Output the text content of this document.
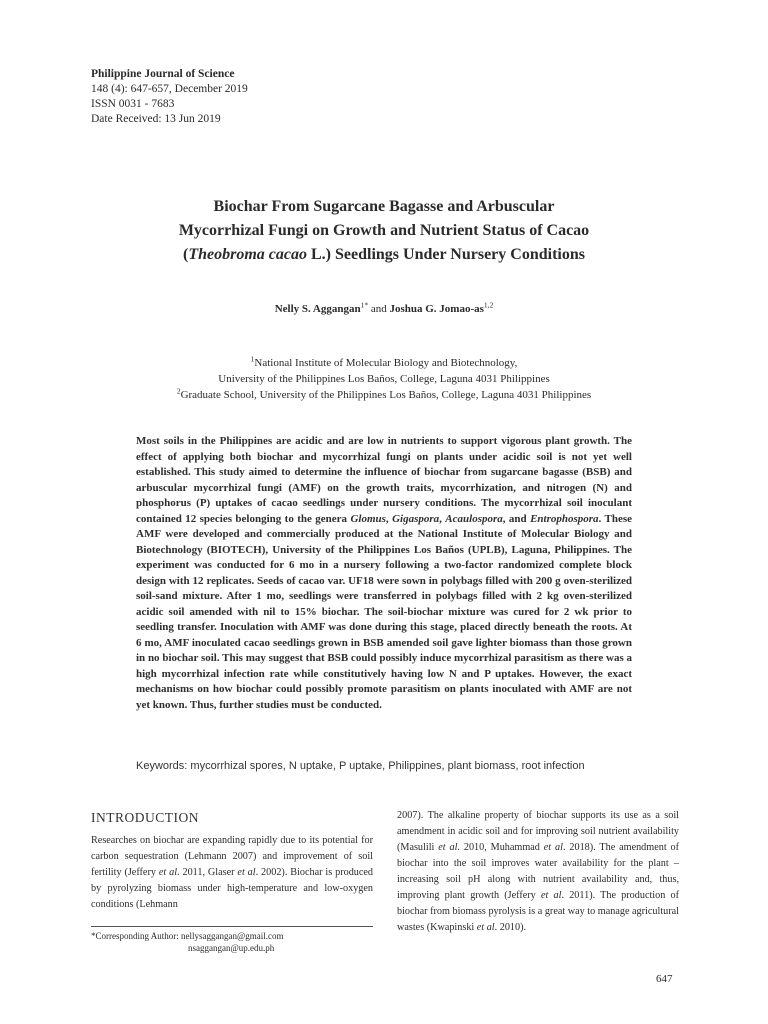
Philippine Journal of Science
148 (4): 647-657, December 2019
ISSN 0031 - 7683
Date Received: 13 Jun 2019
Biochar From Sugarcane Bagasse and Arbuscular
Mycorrhizal Fungi on Growth and Nutrient Status of Cacao
(Theobroma cacao L.) Seedlings Under Nursery Conditions
Nelly S. Aggangan$^{1*}$ and Joshua G. Jomao-as$^{1,2}$
$^1$National Institute of Molecular Biology and Biotechnology,
University of the Philippines Los Baños, College, Laguna 4031 Philippines
$^2$Graduate School, University of the Philippines Los Baños, College, Laguna 4031 Philippines
Most soils in the Philippines are acidic and are low in nutrients to support vigorous plant growth. The effect of applying both biochar and mycorrhizal fungi on plants under acidic soil is not yet well established. This study aimed to determine the influence of biochar from sugarcane bagasse (BSB) and arbuscular mycorrhizal fungi (AMF) on the growth traits, mycorrhization, and nitrogen (N) and phosphorus (P) uptakes of cacao seedlings under nursery conditions. The mycorrhizal soil inoculant contained 12 species belonging to the genera Glomus, Gigaspora, Acaulospora, and Entrophospora. These AMF were developed and commercially produced at the National Institute of Molecular Biology and Biotechnology (BIOTECH), University of the Philippines Los Baños (UPLB), Laguna, Philippines. The experiment was conducted for 6 mo in a nursery following a two-factor randomized complete block design with 12 replicates. Seeds of cacao var. UF18 were sown in polybags filled with 200 g oven-sterilized soil-sand mixture. After 1 mo, seedlings were transferred in polybags filled with 2 kg oven-sterilized acidic soil amended with nil to 15% biochar. The soil-biochar mixture was cured for 2 wk prior to seedling transfer. Inoculation with AMF was done during this stage, placed directly beneath the roots. At 6 mo, AMF inoculated cacao seedlings grown in BSB amended soil gave lighter biomass than those grown in no biochar soil. This may suggest that BSB could possibly induce mycorrhizal parasitism as there was a high mycorrhizal infection rate while constitutively having low N and P uptakes. However, the exact mechanisms on how biochar could possibly promote parasitism on plants inoculated with AMF are not yet known. Thus, further studies must be conducted.
Keywords: mycorrhizal spores, N uptake, P uptake, Philippines, plant biomass, root infection
INTRODUCTION
Researches on biochar are expanding rapidly due to its potential for carbon sequestration (Lehmann 2007) and improvement of soil fertility (Jeffery et al. 2011, Glaser et al. 2002). Biochar is produced by pyrolyzing biomass under high-temperature and low-oxygen conditions (Lehmann
2007). The alkaline property of biochar supports its use as a soil amendment in acidic soil and for improving soil nutrient availability (Masulili et al. 2010, Muhammad et al. 2018). The amendment of biochar into the soil improves water availability for the plant – increasing soil pH along with nutrient availability and, thus, improving plant growth (Jeffery et al. 2011). The production of biochar from biomass pyrolysis is a great way to manage agricultural wastes (Kwapinski et al. 2010).
*Corresponding Author: nellysaggangan@gmail.com
nsaggangan@up.edu.ph
647
